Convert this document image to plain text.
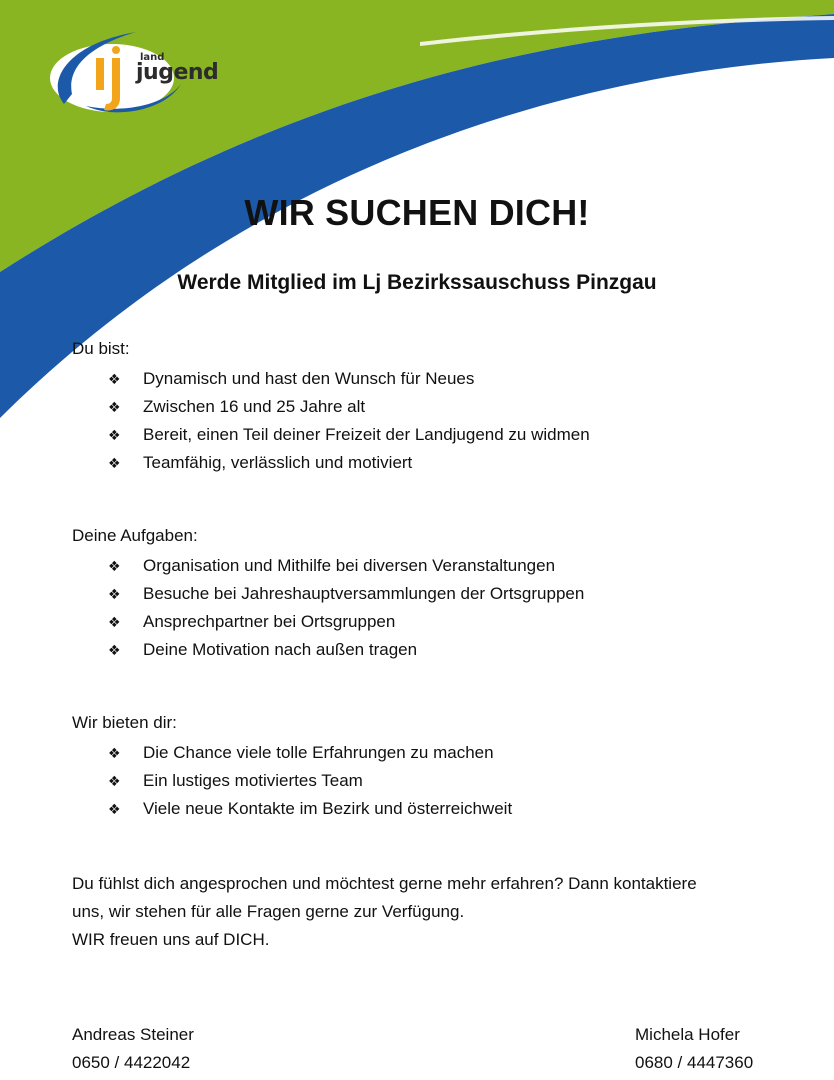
land
jugend
WIR SUCHEN DICH!
Werde Mitglied im Lj Bezirkssauschuss Pinzgau
Du bist:
❖ Dynamisch und hast den Wunsch für Neues
❖ Zwischen 16 und 25 Jahre alt
❖ Bereit, einen Teil deiner Freizeit der Landjugend zu widmen
❖ Teamfähig, verlässlich und motiviert
Deine Aufgaben:
❖ Organisation und Mithilfe bei diversen Veranstaltungen
❖ Besuche bei Jahreshauptversammlungen der Ortsgruppen
❖ Ansprechpartner bei Ortsgruppen
❖ Deine Motivation nach außen tragen
Wir bieten dir:
❖ Die Chance viele tolle Erfahrungen zu machen
❖ Ein lustiges motiviertes Team
❖ Viele neue Kontakte im Bezirk und österreichweit
Du fühlst dich angesprochen und möchtest gerne mehr erfahren? Dann kontaktiere
uns, wir stehen für alle Fragen gerne zur Verfügung.
WIR freuen uns auf DICH.
Andreas Steiner
0650 / 4422042
Michela Hofer
0680 / 4447360
